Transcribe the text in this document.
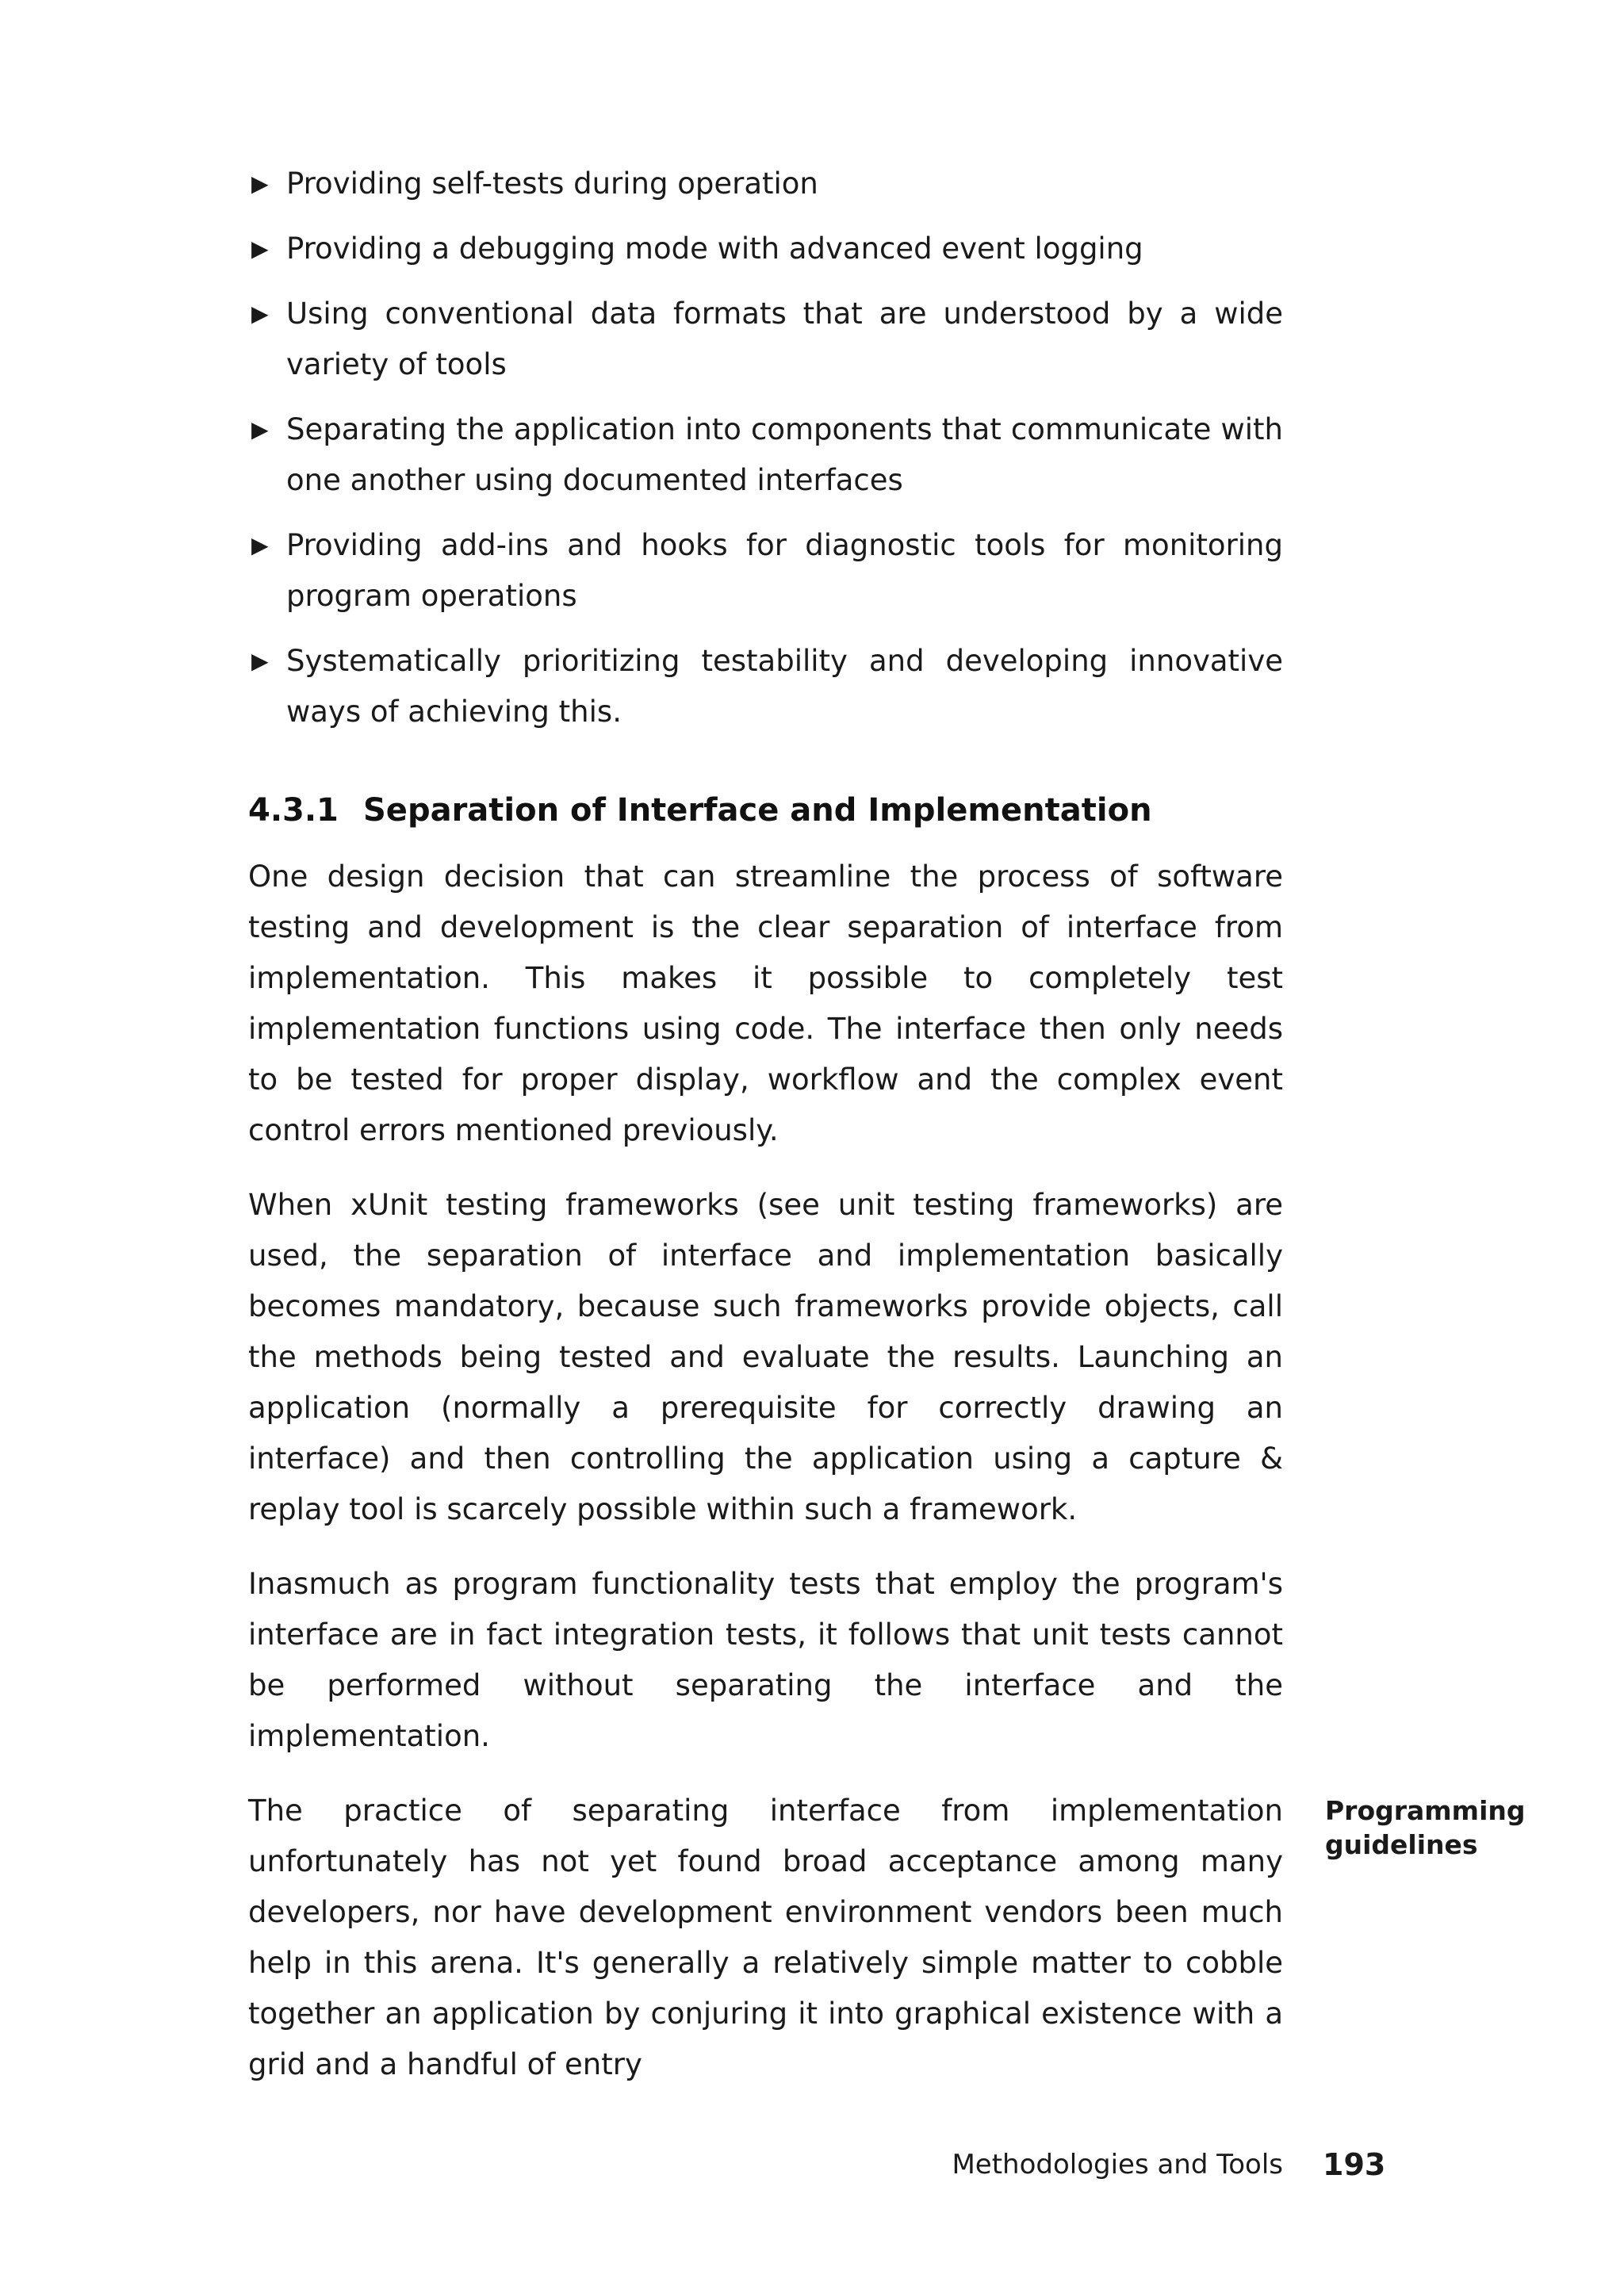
▶ Providing self-tests during operation
▶ Providing a debugging mode with advanced event logging
▶ Using conventional data formats that are understood by a wide variety of tools
▶ Separating the application into components that communicate with one another using documented interfaces
▶ Providing add-ins and hooks for diagnostic tools for monitoring program operations
▶ Systematically prioritizing testability and developing innovative ways of achieving this.
4.3.1 Separation of Interface and Implementation

One design decision that can streamline the process of software testing and development is the clear separation of interface from implementation. This makes it possible to completely test implementation functions using code. The interface then only needs to be tested for proper display, workflow and the complex event control errors mentioned previously.

When xUnit testing frameworks (see unit testing frameworks) are used, the separation of interface and implementation basically becomes mandatory, because such frameworks provide objects, call the methods being tested and evaluate the results. Launching an application (normally a prerequisite for correctly drawing an interface) and then controlling the application using a capture & replay tool is scarcely possible within such a framework.

Inasmuch as program functionality tests that employ the program's interface are in fact integration tests, it follows that unit tests cannot be performed without separating the interface and the implementation.

The practice of separating interface from implementation unfortunately has not yet found broad acceptance among many developers, nor have development environment vendors been much help in this arena. It's generally a relatively simple matter to cobble together an application by conjuring it into graphical existence with a grid and a handful of entry

Programming guidelines
Methodologies and Tools 193
